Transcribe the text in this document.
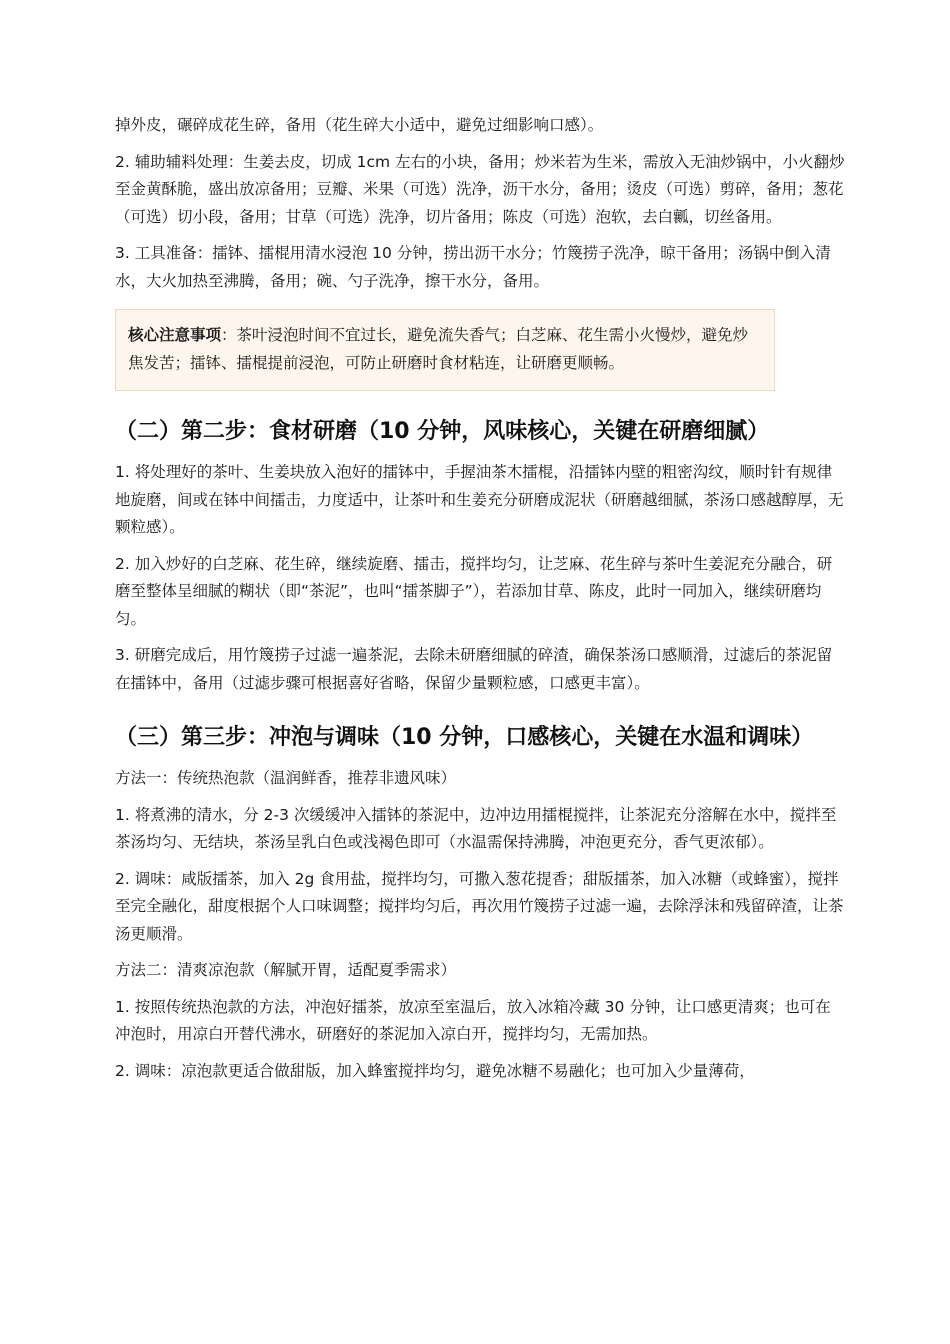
掉外皮，碾碎成花生碎，备用（花生碎大小适中，避免过细影响口感）。

2. 辅助辅料处理：生姜去皮，切成 1cm 左右的小块，备用；炒米若为生米，需放入无油炒锅中，小火翻炒至金黄酥脆，盛出放凉备用；豆瓣、米果（可选）洗净，沥干水分，备用；烫皮（可选）剪碎，备用；葱花（可选）切小段，备用；甘草（可选）洗净，切片备用；陈皮（可选）泡软，去白瓤，切丝备用。

3. 工具准备：擂钵、擂棍用清水浸泡 10 分钟，捞出沥干水分；竹篾捞子洗净，晾干备用；汤锅中倒入清水，大火加热至沸腾，备用；碗、勺子洗净，擦干水分，备用。

核心注意事项：茶叶浸泡时间不宜过长，避免流失香气；白芝麻、花生需小火慢炒，避免炒焦发苦；擂钵、擂棍提前浸泡，可防止研磨时食材粘连，让研磨更顺畅。

（二）第二步：食材研磨（10 分钟，风味核心，关键在研磨细腻）

1. 将处理好的茶叶、生姜块放入泡好的擂钵中，手握油茶木擂棍，沿擂钵内壁的粗密沟纹，顺时针有规律地旋磨，间或在钵中间擂击，力度适中，让茶叶和生姜充分研磨成泥状（研磨越细腻，茶汤口感越醇厚，无颗粒感）。

2. 加入炒好的白芝麻、花生碎，继续旋磨、擂击，搅拌均匀，让芝麻、花生碎与茶叶生姜泥充分融合，研磨至整体呈细腻的糊状（即“茶泥”，也叫“擂茶脚子”），若添加甘草、陈皮，此时一同加入，继续研磨均匀。

3. 研磨完成后，用竹篾捞子过滤一遍茶泥，去除未研磨细腻的碎渣，确保茶汤口感顺滑，过滤后的茶泥留在擂钵中，备用（过滤步骤可根据喜好省略，保留少量颗粒感，口感更丰富）。

（三）第三步：冲泡与调味（10 分钟，口感核心，关键在水温和调味）

方法一：传统热泡款（温润鲜香，推荐非遗风味）

1. 将煮沸的清水，分 2-3 次缓缓冲入擂钵的茶泥中，边冲边用擂棍搅拌，让茶泥充分溶解在水中，搅拌至茶汤均匀、无结块，茶汤呈乳白色或浅褐色即可（水温需保持沸腾，冲泡更充分，香气更浓郁）。

2. 调味：咸版擂茶，加入 2g 食用盐，搅拌均匀，可撒入葱花提香；甜版擂茶，加入冰糖（或蜂蜜），搅拌至完全融化，甜度根据个人口味调整；搅拌均匀后，再次用竹篾捞子过滤一遍，去除浮沫和残留碎渣，让茶汤更顺滑。

方法二：清爽凉泡款（解腻开胃，适配夏季需求）

1. 按照传统热泡款的方法，冲泡好擂茶，放凉至室温后，放入冰箱冷藏 30 分钟，让口感更清爽；也可在冲泡时，用凉白开替代沸水，研磨好的茶泥加入凉白开，搅拌均匀，无需加热。

2. 调味：凉泡款更适合做甜版，加入蜂蜜搅拌均匀，避免冰糖不易融化；也可加入少量薄荷，
